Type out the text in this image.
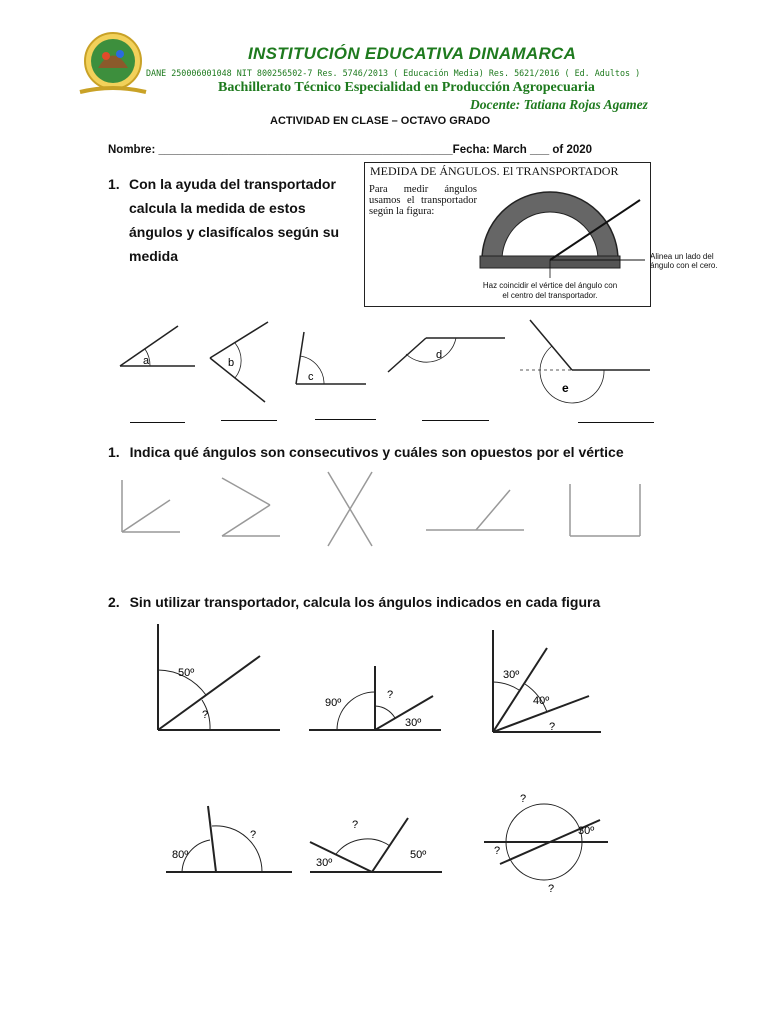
INSTITUCIÓN EDUCATIVA DINAMARCA
DANE 250006001048 NIT 800256502-7 Res. 5746/2013 ( Educación Media) Res. 5621/2016 ( Ed. Adultos )
Bachillerato Técnico Especialidad en Producción Agropecuaria
Docente: Tatiana Rojas Agamez
ACTIVIDAD EN CLASE – OCTAVO GRADO
Nombre: ______________________________________________Fecha: March ___ of 2020
1. Con la ayuda del transportador calcula la medida de estos ángulos y clasifícalos según su medida
MEDIDA DE ÁNGULOS. El TRANSPORTADOR
Para medir ángulos usamos el transportador según la figura:
Alinea un lado del ángulo con el cero.
Haz coincidir el vértice del ángulo con el centro del transportador.
a	b
c
d
e
1. Indica qué ángulos son consecutivos y cuáles son opuestos por el vértice
2. Sin utilizar transportador, calcula los ángulos indicados en cada figura
50º
?
90º
?
30º
30º
40º
?
80º
?
?
30º
50º
?
30º
?
?
